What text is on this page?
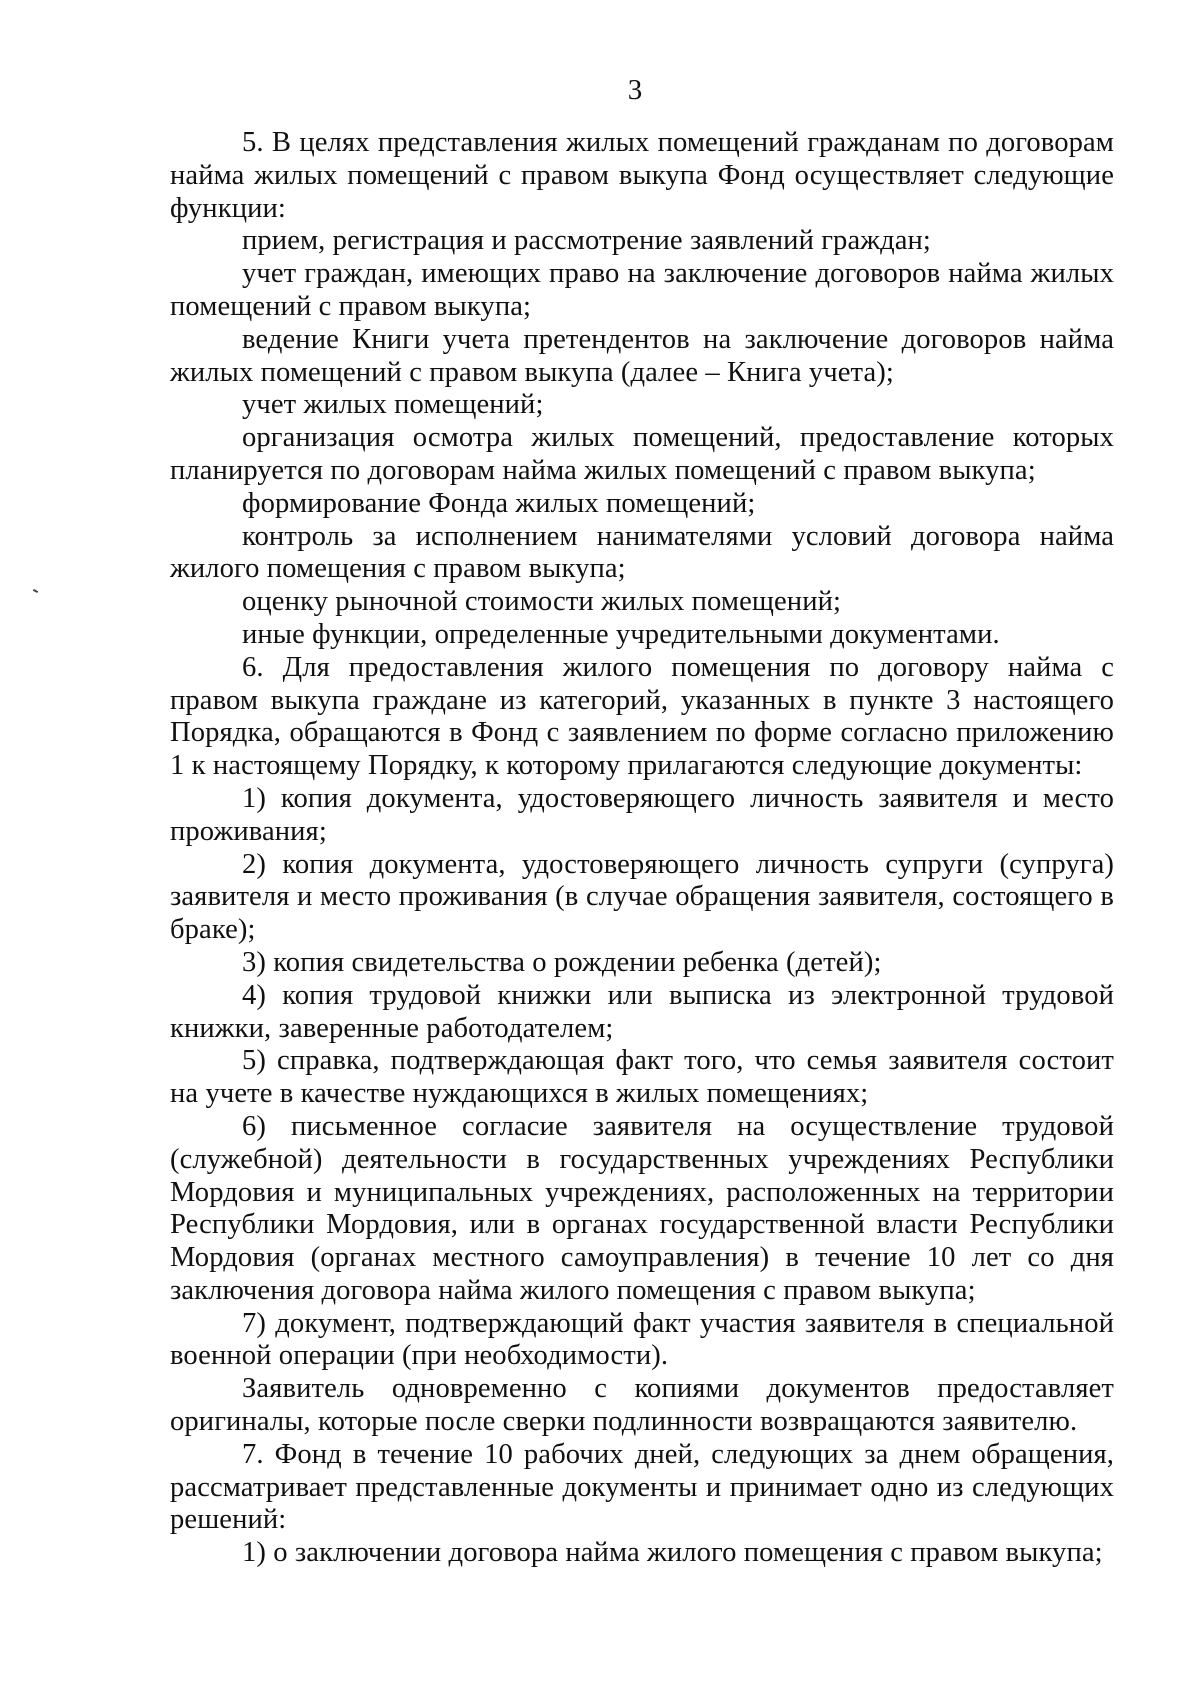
3

5. В целях представления жилых помещений гражданам по договорам найма жилых помещений с правом выкупа Фонд осуществляет следующие функции:

прием, регистрация и рассмотрение заявлений граждан;

учет граждан, имеющих право на заключение договоров найма жилых помещений с правом выкупа;

ведение Книги учета претендентов на заключение договоров найма жилых помещений с правом выкупа (далее – Книга учета);

учет жилых помещений;

организация осмотра жилых помещений, предоставление которых планируется по договорам найма жилых помещений с правом выкупа;

формирование Фонда жилых помещений;

контроль за исполнением нанимателями условий договора найма жилого помещения с правом выкупа;

оценку рыночной стоимости жилых помещений;

иные функции, определенные учредительными документами.

6. Для предоставления жилого помещения по договору найма с правом выкупа граждане из категорий, указанных в пункте 3 настоящего Порядка, обращаются в Фонд с заявлением по форме согласно приложению 1 к настоящему Порядку, к которому прилагаются следующие документы:

1) копия документа, удостоверяющего личность заявителя и место проживания;

2) копия документа, удостоверяющего личность супруги (супруга) заявителя и место проживания (в случае обращения заявителя, состоящего в браке);

3) копия свидетельства о рождении ребенка (детей);

4) копия трудовой книжки или выписка из электронной трудовой книжки, заверенные работодателем;

5) справка, подтверждающая факт того, что семья заявителя состоит на учете в качестве нуждающихся в жилых помещениях;

6) письменное согласие заявителя на осуществление трудовой (служебной) деятельности в государственных учреждениях Республики Мордовия и муниципальных учреждениях, расположенных на территории Республики Мордовия, или в органах государственной власти Республики Мордовия (органах местного самоуправления) в течение 10 лет со дня заключения договора найма жилого помещения с правом выкупа;

7) документ, подтверждающий факт участия заявителя в специальной военной операции (при необходимости).

Заявитель одновременно с копиями документов предоставляет оригиналы, которые после сверки подлинности возвращаются заявителю.

7. Фонд в течение 10 рабочих дней, следующих за днем обращения, рассматривает представленные документы и принимает одно из следующих решений:

1) о заключении договора найма жилого помещения с правом выкупа;
